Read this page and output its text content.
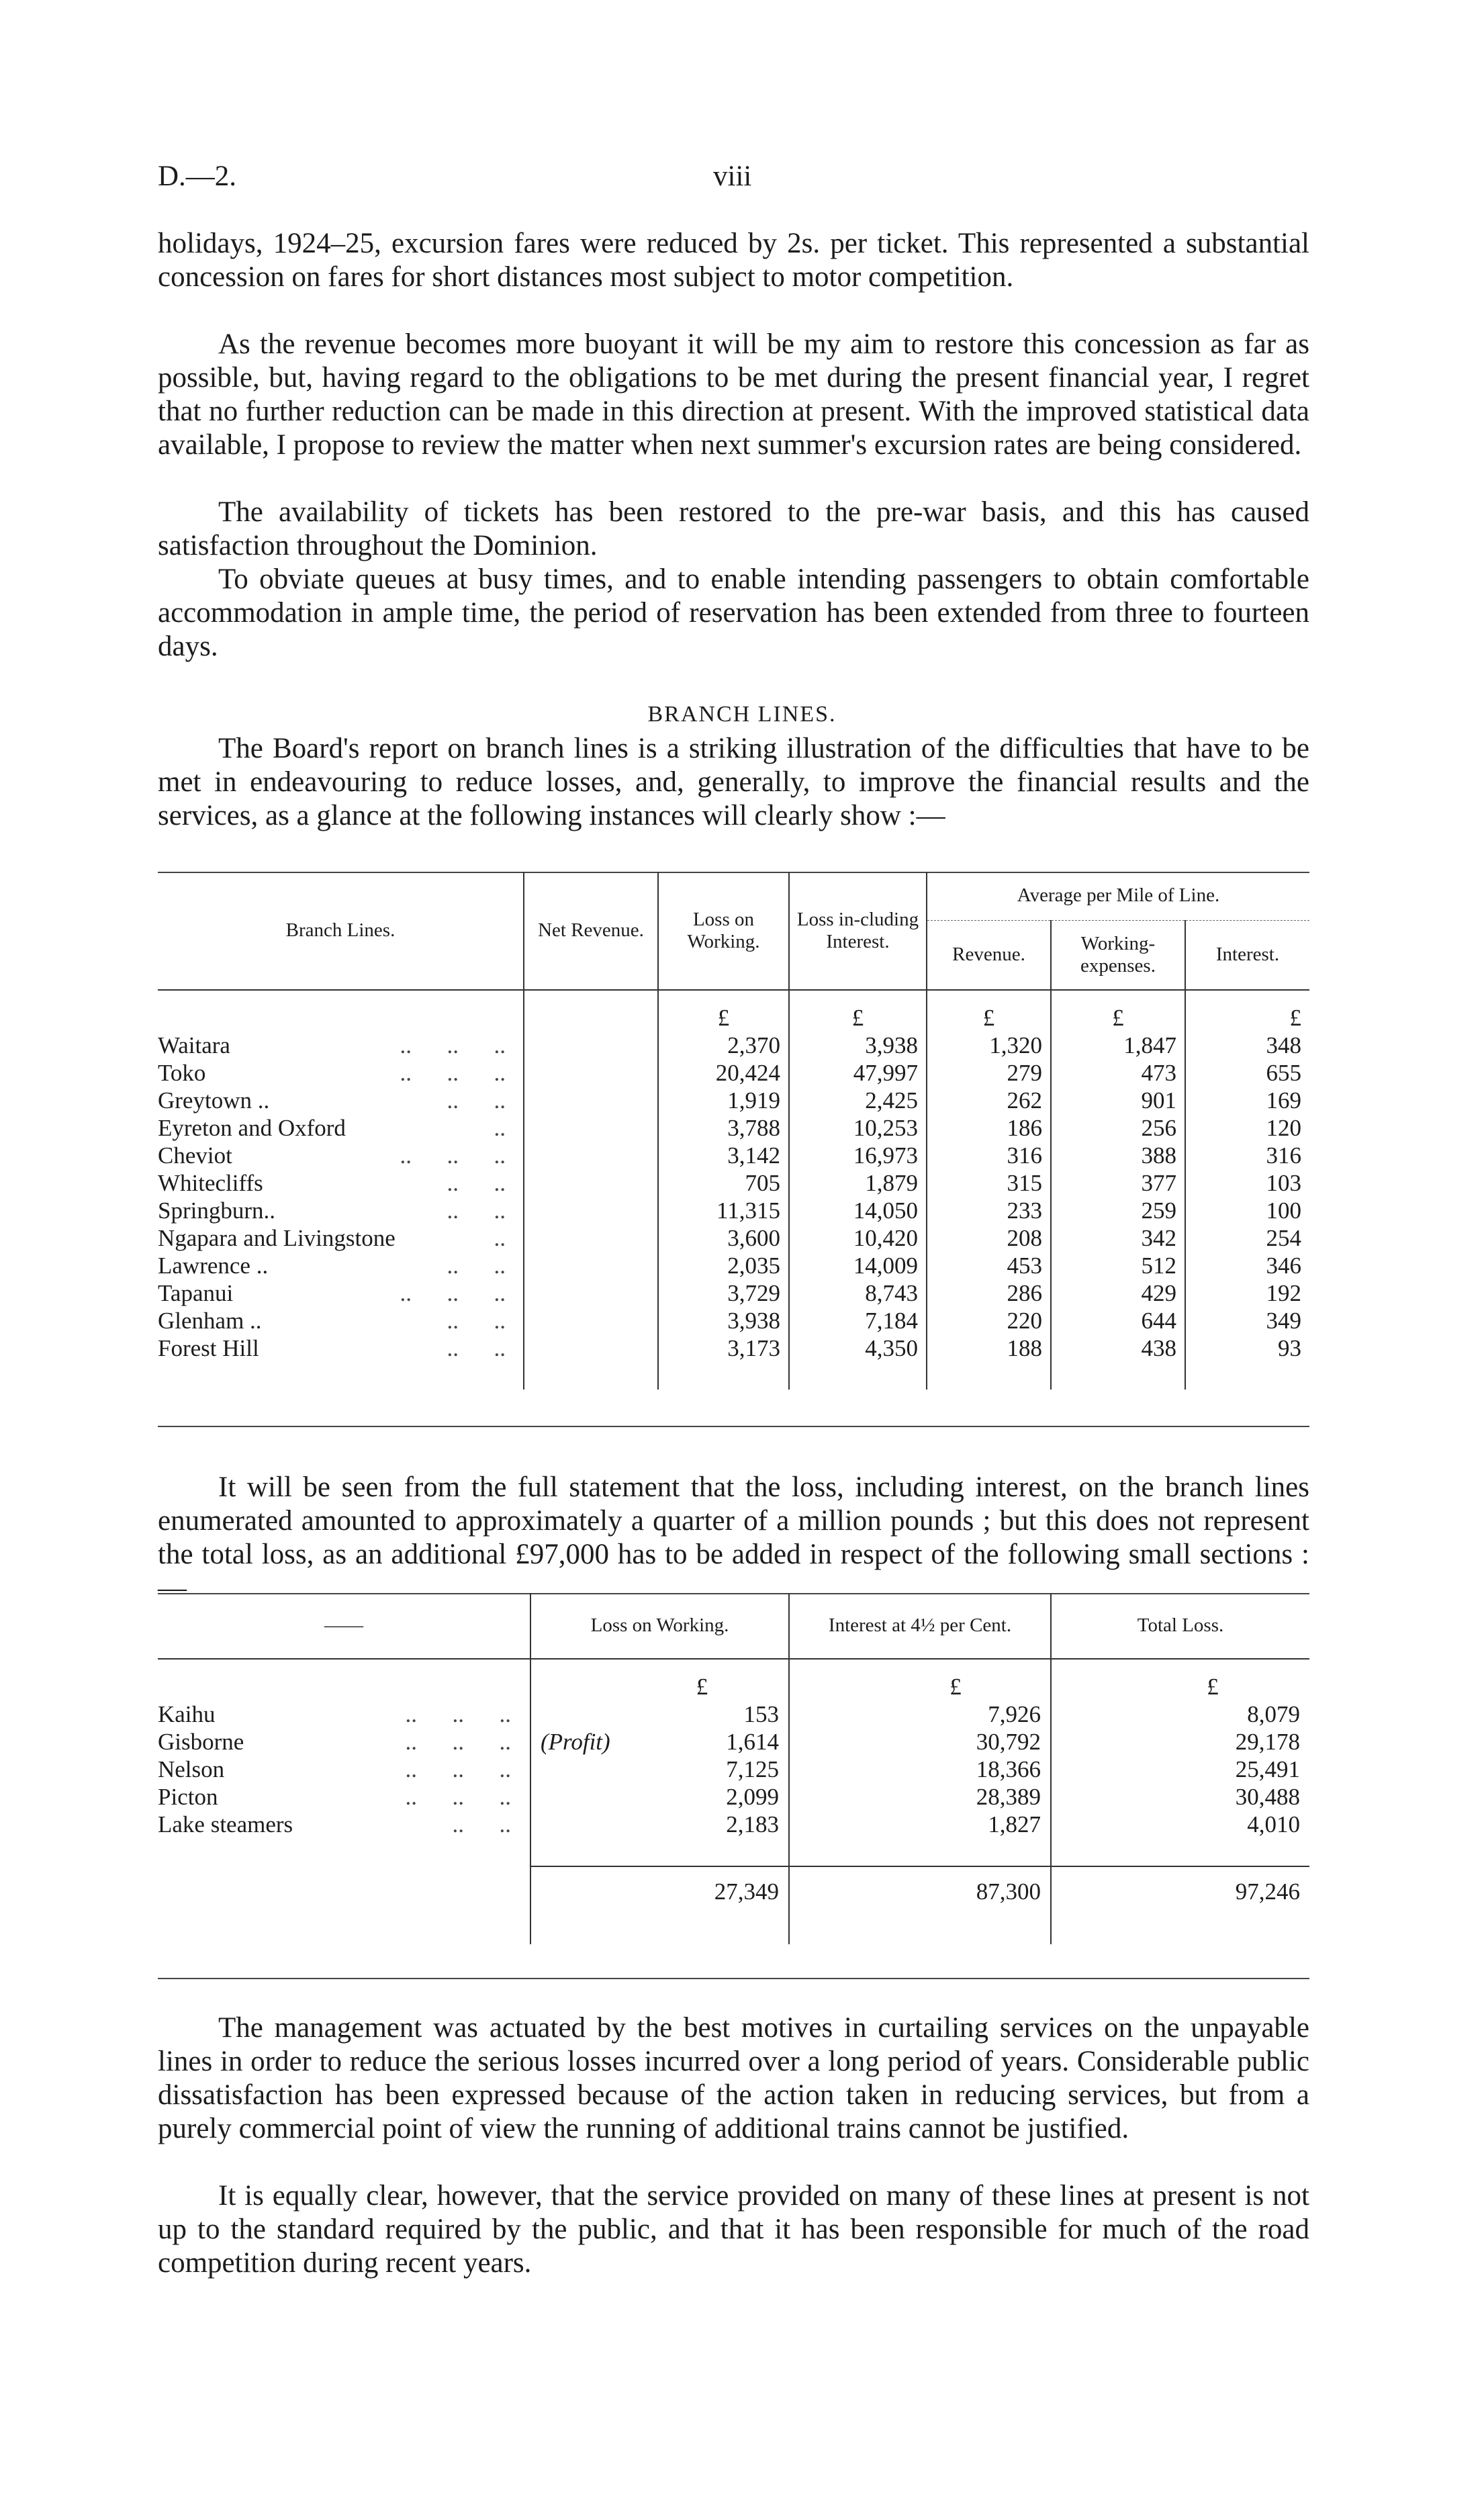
D.—2.	viii

holidays, 1924–25, excursion fares were reduced by 2s. per ticket. This represented a substantial concession on fares for short distances most subject to motor competition.

As the revenue becomes more buoyant it will be my aim to restore this concession as far as possible, but, having regard to the obligations to be met during the present financial year, I regret that no further reduction can be made in this direction at present. With the improved statistical data available, I propose to review the matter when next summer's excursion rates are being considered.

The availability of tickets has been restored to the pre-war basis, and this has caused satisfaction throughout the Dominion.

To obviate queues at busy times, and to enable intending passengers to obtain comfortable accommodation in ample time, the period of reservation has been extended from three to fourteen days.

BRANCH LINES.

The Board's report on branch lines is a striking illustration of the difficulties that have to be met in endeavouring to reduce losses, and, generally, to improve the financial results and the services, as a glance at the following instances will clearly show :—

Branch Lines.	Net Revenue.	Loss on Working.	Loss in-cluding Interest.	Average per Mile of Line.		
				Revenue.	Working-expenses.	Interest.
		£	£	£	£	£
Waitara ..      ..      ..		2,370	3,938	1,320	1,847	348
Toko ..      ..      ..		20,424	47,997	279	473	655
Greytown .. ..      ..		1,919	2,425	262	901	169
Eyreton and Oxford ..		3,788	10,253	186	256	120
Cheviot ..      ..      ..		3,142	16,973	316	388	316
Whitecliffs ..      ..		705	1,879	315	377	103
Springburn.. ..      ..		11,315	14,050	233	259	100
Ngapara and Livingstone ..		3,600	10,420	208	342	254
Lawrence .. ..      ..		2,035	14,009	453	512	346
Tapanui ..      ..      ..		3,729	8,743	286	429	192
Glenham .. ..      ..		3,938	7,184	220	644	349
Forest Hill ..      ..		3,173	4,350	188	438	93

It will be seen from the full statement that the loss, including interest, on the branch lines enumerated amounted to approximately a quarter of a million pounds ; but this does not represent the total loss, as an additional £97,000 has to be added in respect of the following small sections :—

——	Loss on Working.	Interest at 4½ per Cent.	Total Loss.
	£	£	£
Kaihu ..      ..      ..	153	7,926	8,079
Gisborne ..      ..      ..	(Profit) 1,614	30,792	29,178
Nelson ..      ..      ..	7,125	18,366	25,491
Picton ..      ..      ..	2,099	28,389	30,488
Lake steamers ..      ..	2,183	1,827	4,010

	27,349	87,300	97,246

The management was actuated by the best motives in curtailing services on the unpayable lines in order to reduce the serious losses incurred over a long period of years. Considerable public dissatisfaction has been expressed because of the action taken in reducing services, but from a purely commercial point of view the running of additional trains cannot be justified.

It is equally clear, however, that the service provided on many of these lines at present is not up to the standard required by the public, and that it has been responsible for much of the road competition during recent years.
